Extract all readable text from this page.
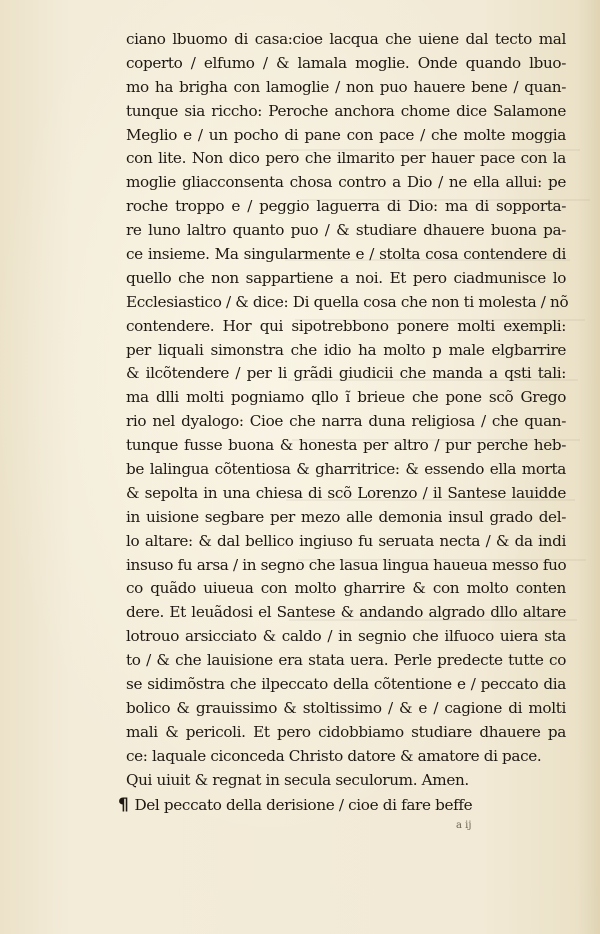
ciano lbuomo di casa:cioe lacqua che uiene dal tecto mal
coperto / elfumo / & lamala moglie. Onde quando lbuo-
mo ha brigha con lamoglie / non puo hauere bene / quan-
tunque sia riccho: Peroche anchora chome dice Salamone
Meglio e / un pocho di pane con pace / che molte moggia
con lite. Non dico pero che ilmarito per hauer pace con la
moglie gliacconsenta chosa contro a Dio / ne ella allui: pe
roche troppo e / peggio laguerra di Dio: ma di sopporta-
re luno laltro quanto puo / & studiare dhauere buona pa-
ce insieme. Ma singularmente e / stolta cosa contendere di
quello che non sappartiene a noi. Et pero ciadmunisce lo
Ecclesiastico / & dice: Di quella cosa che non ti molesta / nõ
contendere. Hor qui sipotrebbono ponere molti exempli:
per liquali simonstra che idio ha molto p male elgbarrire
& ilcõtendere / per li grãdi giudicii che manda a qsti tali:
ma dlli molti pogniamo qllo ĩ brieue che pone scõ Grego
rio nel dyalogo: Cioe che narra duna religiosa / che quan-
tunque fusse buona & honesta per altro / pur perche heb-
be lalingua cõtentiosa & gharritrice: & essendo ella morta
& sepolta in una chiesa di scõ Lorenzo / il Santese lauidde
in uisione segbare per mezo alle demonia insul grado del-
lo altare: & dal bellico ingiuso fu seruata necta / & da indi
insuso fu arsa / in segno che lasua lingua haueua messo fuo
co quãdo uiueua con molto gharrire & con molto conten
dere. Et leuãdosi el Santese & andando algrado dllo altare
lotrouo arsicciato & caldo / in segnio che ilfuoco uiera sta
to / & che lauisione era stata uera. Perle predecte tutte co
se sidimõstra che ilpeccato della cõtentione e / peccato dia
bolico & grauissimo & stoltissimo / & e / cagione di molti
mali & pericoli. Et pero cidobbiamo studiare dhauere pa
ce: laquale ciconceda Christo datore & amatore di pace.
Qui uiuit & regnat in secula seculorum. Amen.
¶ Del peccato della derisione / cioe di fare beffe
a ij
